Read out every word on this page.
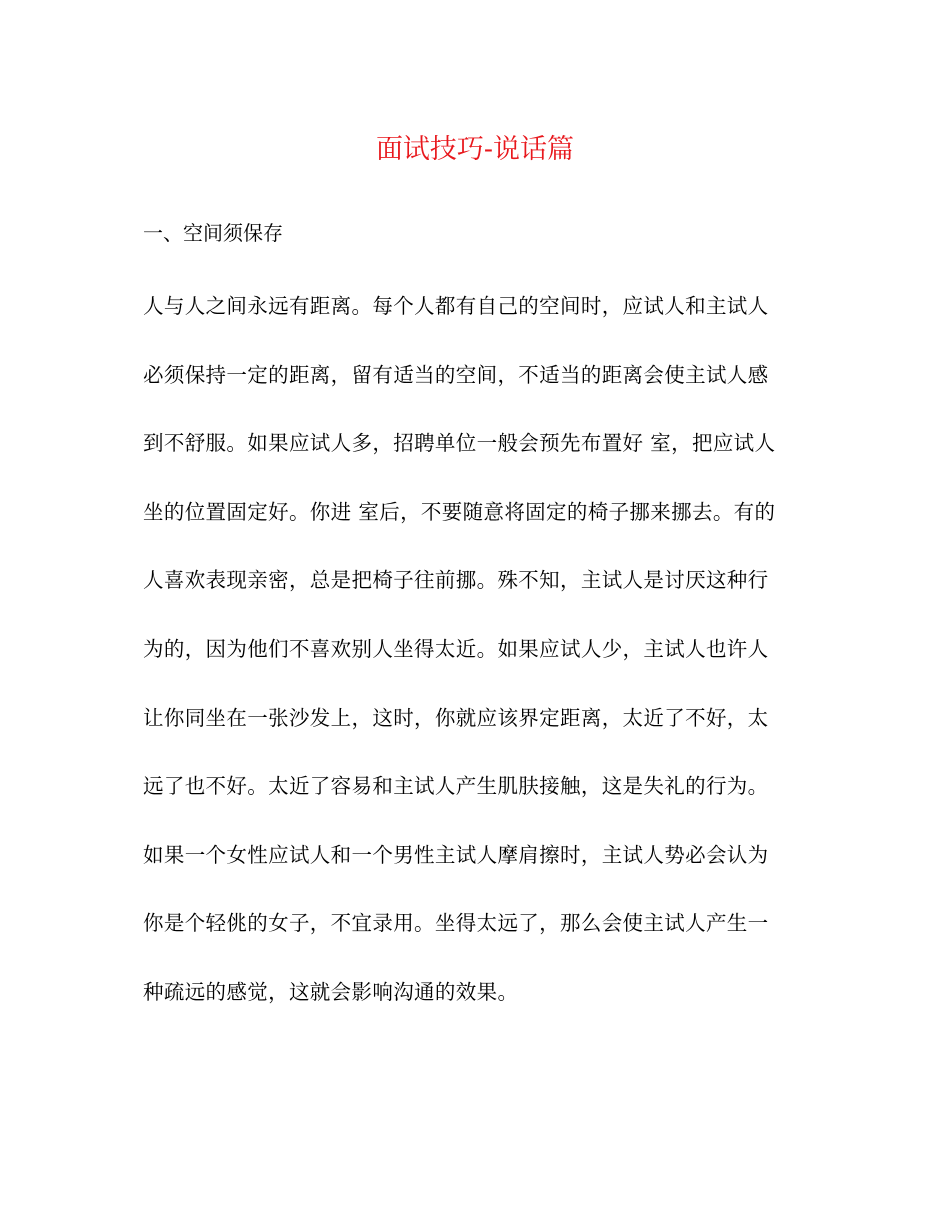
面试技巧-说话篇
一、空间须保存
人与人之间永远有距离。每个人都有自己的空间时，应试人和主试人
必须保持一定的距离，留有适当的空间，不适当的距离会使主试人感
到不舒服。如果应试人多，招聘单位一般会预先布置好 室，把应试人
坐的位置固定好。你进 室后，不要随意将固定的椅子挪来挪去。有的
人喜欢表现亲密，总是把椅子往前挪。殊不知，主试人是讨厌这种行
为的，因为他们不喜欢别人坐得太近。如果应试人少，主试人也许人
让你同坐在一张沙发上，这时，你就应该界定距离，太近了不好，太
远了也不好。太近了容易和主试人产生肌肤接触，这是失礼的行为。
如果一个女性应试人和一个男性主试人摩肩擦时，主试人势必会认为
你是个轻佻的女子，不宜录用。坐得太远了，那么会使主试人产生一
种疏远的感觉，这就会影响沟通的效果。
